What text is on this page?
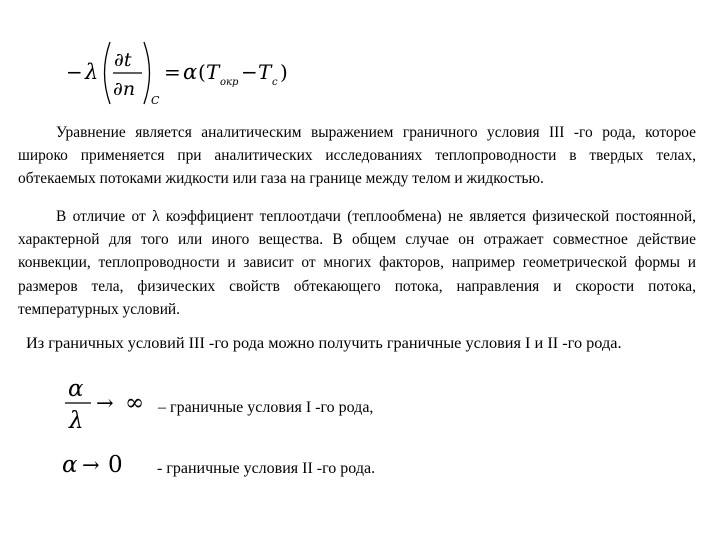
− λ ∂t
∂n
C
= α ( T окр − T c )

Уравнение является аналитическим выражением граничного условия III -го рода, которое широко применяется при аналитических исследованиях теплопроводности в твердых телах, обтекаемых потоками жидкости или газа на границе между телом и жидкостью.

В отличие от λ коэффициент теплоотдачи (теплообмена) не является физической постоянной, характерной для того или иного вещества. В общем случае он отражает совместное действие конвекции, теплопроводности и зависит от многих факторов, например геометрической формы и размеров тела, физических свойств обтекающего потока, направления и скорости потока, температурных условий.

Из граничных условий III -го рода можно получить граничные условия I и II -го рода.

α
λ
→ ∞ – граничные условия I -го рода,
α → 0 - граничные условия II -го рода.
